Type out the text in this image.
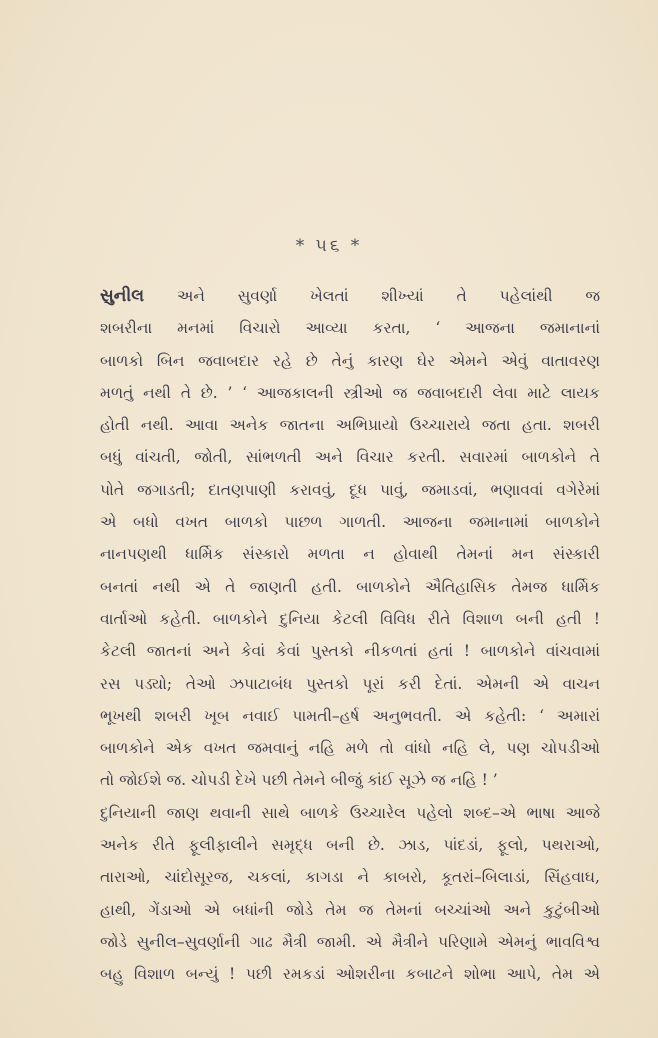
* ૫૬ *
સુનીલ અને સુવર્ણા ખેલતાં શીખ્યાં તે પહેલાંથી જ
શબરીના મનમાં વિચારો આવ્યા કરતા, ‘ આજના જમાનાનાં
બાળકો બિન જવાબદાર રહે છે તેનું કારણ ઘેર એમને એવું વાતાવરણ
મળતું નથી તે છે. ’ ‘ આજકાલની સ્ત્રીઓ જ જવાબદારી લેવા માટે લાયક
હોતી નથી. આવા અનેક જાતના અભિપ્રાયો ઉચ્ચારાયે જતા હતા. શબરી
બધું વાંચતી, જોતી, સાંભળતી અને વિચાર કરતી. સવારમાં બાળકોને તે
પોતે જગાડતી; દાતણપાણી કરાવવું, દૂધ પાવું, જમાડવાં, ભણાવવાં વગેરેમાં
એ બધો વખત બાળકો પાછળ ગાળતી. આજના જમાનામાં બાળકોને
નાનપણથી ધાર્મિક સંસ્કારો મળતા ન હોવાથી તેમનાં મન સંસ્કારી
બનતાં નથી એ તે જાણતી હતી. બાળકોને ઐતિહાસિક તેમજ ધાર્મિક
વાર્તાઓ કહેતી. બાળકોને દુનિયા કેટલી વિવિધ રીતે વિશાળ બની હતી !
કેટલી જાતનાં અને કેવાં કેવાં પુસ્તકો નીકળતાં હતાં ! બાળકોને વાંચવામાં
રસ પડ્યો; તેઓ ઝપાટાબંધ પુસ્તકો પૂરાં કરી દેતાં. એમની એ વાચન
ભૂખથી શબરી ખૂબ નવાઈ પામતી–હર્ષ અનુભવતી. એ કહેતી: ‘ અમારાં
બાળકોને એક વખત જમવાનું નહિ મળે તો વાંધો નહિ લે, પણ ચોપડીઓ
તો જોઈશે જ. ચોપડી દેખે પછી તેમને બીજું કાંઈ સૂઝે જ નહિ ! ’
દુનિયાની જાણ થવાની સાથે બાળકે ઉચ્ચારેલ પહેલો શબ્દ–એ ભાષા આજે
અનેક રીતે ફૂલીફાલીને સમૃદ્ધ બની છે. ઝાડ, પાંદડાં, ફૂલો, પથરાઓ,
તારાઓ, ચાંદોસૂરજ, ચકલાં, કાગડા ને કાબરો, કૂતરાં–બિલાડાં, સિંહવાઘ,
હાથી, ગેંડાઓ એ બધાંની જોડે તેમ જ તેમનાં બચ્ચાંઓ અને કુટુંબીઓ
જોડે સુનીલ–સુવર્ણાની ગાઢ મૈત્રી જામી. એ મૈત્રીને પરિણામે એમનું ભાવવિશ્વ
બહુ વિશાળ બન્યું ! પછી રમકડાં ઓશરીના કબાટને શોભા આપે, તેમ એ
